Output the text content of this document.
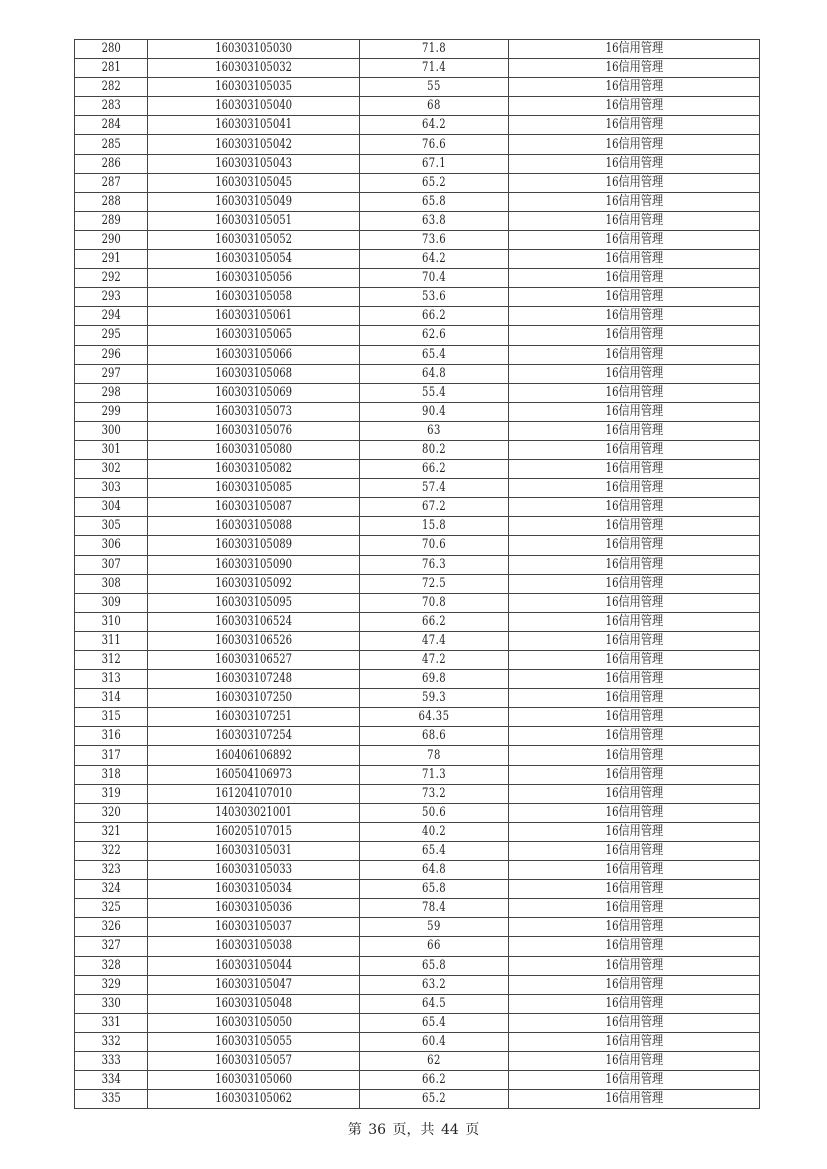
280	160303105030	71.8	16信用管理
281	160303105032	71.4	16信用管理
282	160303105035	55	16信用管理
283	160303105040	68	16信用管理
284	160303105041	64.2	16信用管理
285	160303105042	76.6	16信用管理
286	160303105043	67.1	16信用管理
287	160303105045	65.2	16信用管理
288	160303105049	65.8	16信用管理
289	160303105051	63.8	16信用管理
290	160303105052	73.6	16信用管理
291	160303105054	64.2	16信用管理
292	160303105056	70.4	16信用管理
293	160303105058	53.6	16信用管理
294	160303105061	66.2	16信用管理
295	160303105065	62.6	16信用管理
296	160303105066	65.4	16信用管理
297	160303105068	64.8	16信用管理
298	160303105069	55.4	16信用管理
299	160303105073	90.4	16信用管理
300	160303105076	63	16信用管理
301	160303105080	80.2	16信用管理
302	160303105082	66.2	16信用管理
303	160303105085	57.4	16信用管理
304	160303105087	67.2	16信用管理
305	160303105088	15.8	16信用管理
306	160303105089	70.6	16信用管理
307	160303105090	76.3	16信用管理
308	160303105092	72.5	16信用管理
309	160303105095	70.8	16信用管理
310	160303106524	66.2	16信用管理
311	160303106526	47.4	16信用管理
312	160303106527	47.2	16信用管理
313	160303107248	69.8	16信用管理
314	160303107250	59.3	16信用管理
315	160303107251	64.35	16信用管理
316	160303107254	68.6	16信用管理
317	160406106892	78	16信用管理
318	160504106973	71.3	16信用管理
319	161204107010	73.2	16信用管理
320	140303021001	50.6	16信用管理
321	160205107015	40.2	16信用管理
322	160303105031	65.4	16信用管理
323	160303105033	64.8	16信用管理
324	160303105034	65.8	16信用管理
325	160303105036	78.4	16信用管理
326	160303105037	59	16信用管理
327	160303105038	66	16信用管理
328	160303105044	65.8	16信用管理
329	160303105047	63.2	16信用管理
330	160303105048	64.5	16信用管理
331	160303105050	65.4	16信用管理
332	160303105055	60.4	16信用管理
333	160303105057	62	16信用管理
334	160303105060	66.2	16信用管理
335	160303105062	65.2	16信用管理
第 36 页，共 44 页
